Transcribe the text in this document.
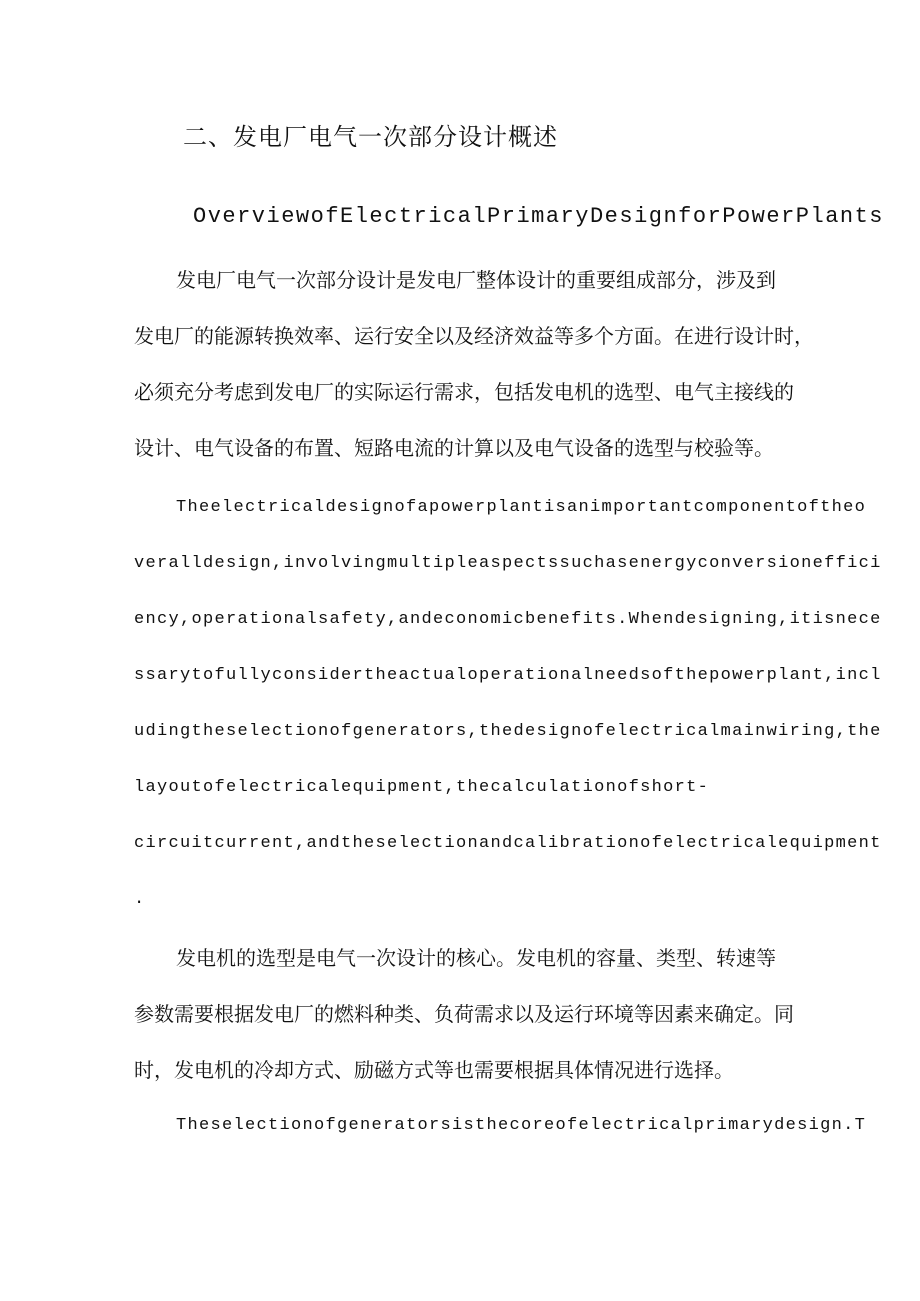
二、发电厂电气一次部分设计概述
OverviewofElectricalPrimaryDesignforPowerPlants
发电厂电气一次部分设计是发电厂整体设计的重要组成部分，涉及到
发电厂的能源转换效率、运行安全以及经济效益等多个方面。在进行设计时，
必须充分考虑到发电厂的实际运行需求，包括发电机的选型、电气主接线的
设计、电气设备的布置、短路电流的计算以及电气设备的选型与校验等。
Theelectricaldesignofapowerplantisanimportantcomponentoftheo
veralldesign,involvingmultipleaspectssuchasenergyconversioneffici
ency,operationalsafety,andeconomicbenefits.Whendesigning,itisnece
ssarytofullyconsidertheactualoperationalneedsofthepowerplant,incl
udingtheselectionofgenerators,thedesignofelectricalmainwiring,the
layoutofelectricalequipment,thecalculationofshort-
circuitcurrent,andtheselectionandcalibrationofelectricalequipment
.
发电机的选型是电气一次设计的核心。发电机的容量、类型、转速等
参数需要根据发电厂的燃料种类、负荷需求以及运行环境等因素来确定。同
时，发电机的冷却方式、励磁方式等也需要根据具体情况进行选择。
Theselectionofgeneratorsisthecoreofelectricalprimarydesign.T
